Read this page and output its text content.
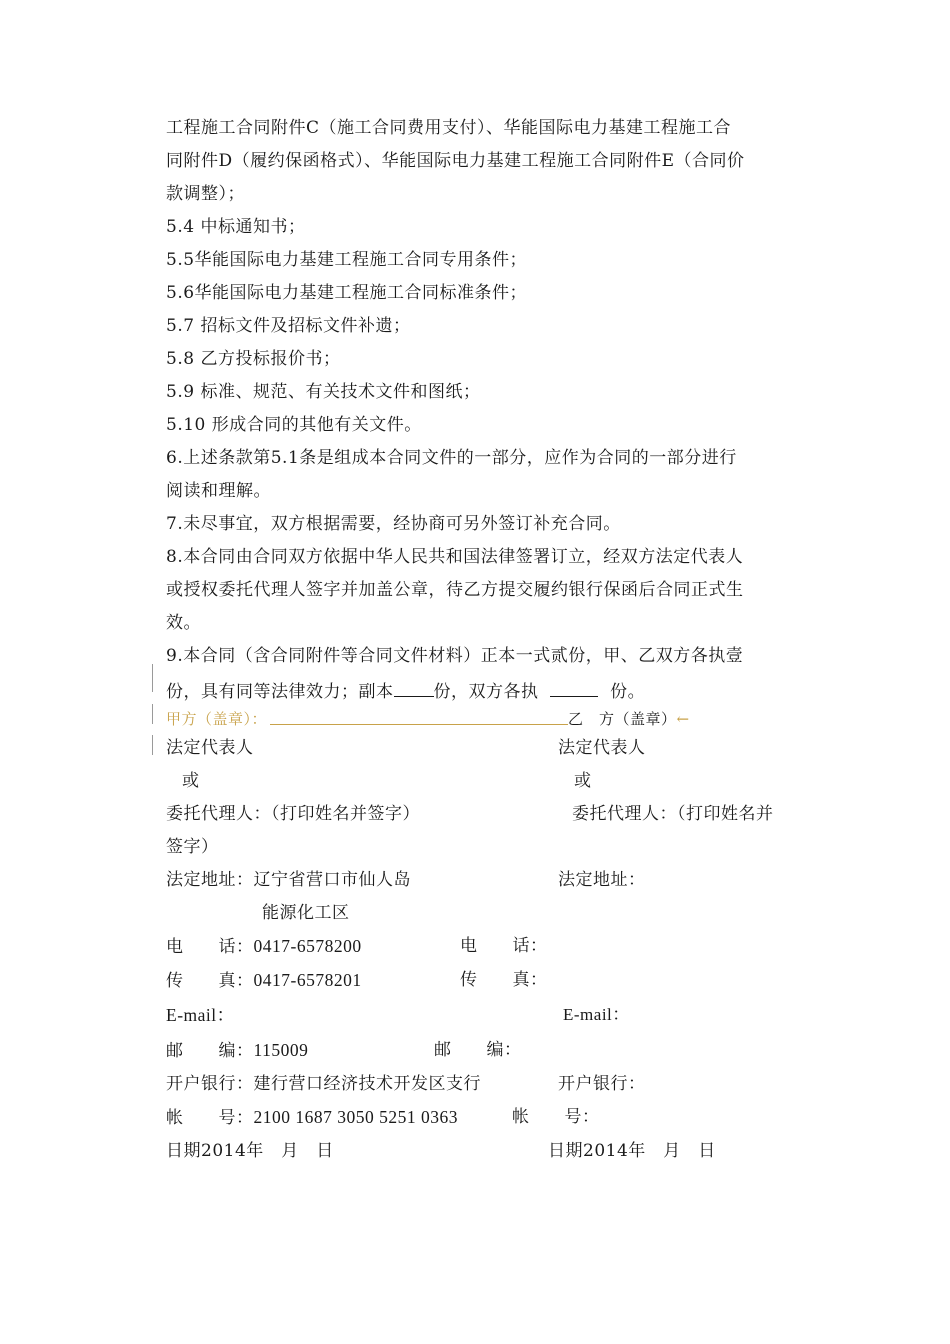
工程施工合同附件C（施工合同费用支付）、华能国际电力基建工程施工合
同附件D（履约保函格式）、华能国际电力基建工程施工合同附件E（合同价
款调整）；
5.4 中标通知书；
5.5华能国际电力基建工程施工合同专用条件；
5.6华能国际电力基建工程施工合同标准条件；
5.7 招标文件及招标文件补遗；
5.8 乙方投标报价书；
5.9 标准、规范、有关技术文件和图纸；
5.10 形成合同的其他有关文件。
6.上述条款第5.1条是组成本合同文件的一部分，应作为合同的一部分进行
阅读和理解。
7.未尽事宜，双方根据需要，经协商可另外签订补充合同。
8.本合同由合同双方依据中华人民共和国法律签署订立，经双方法定代表人
或授权委托代理人签字并加盖公章，待乙方提交履约银行保函后合同正式生
效。
9.本合同（含合同附件等合同文件材料）正本一式贰份，甲、乙双方各执壹
份，具有同等法律效力；副本 份，双方各执	份。
甲方（盖章）：	乙　方（盖章）←
法定代表人	法定代表人
或	或
委托代理人：（打印姓名并签字）	委托代理人：（打印姓名并
签字）
法定地址：辽宁省营口市仙人岛	法定地址：
能源化工区
电　　话：0417-6578200	电　　话：
传　　真：0417-6578201	传　　真：
E-mail：	E-mail：
邮　　编：115009	邮　　编：
开户银行：建行营口经济技术开发区支行	开户银行：
帐　　号：2100 1687 3050 5251 0363	帐　　号：
日期2014年　月　日	日期2014年　月　日
